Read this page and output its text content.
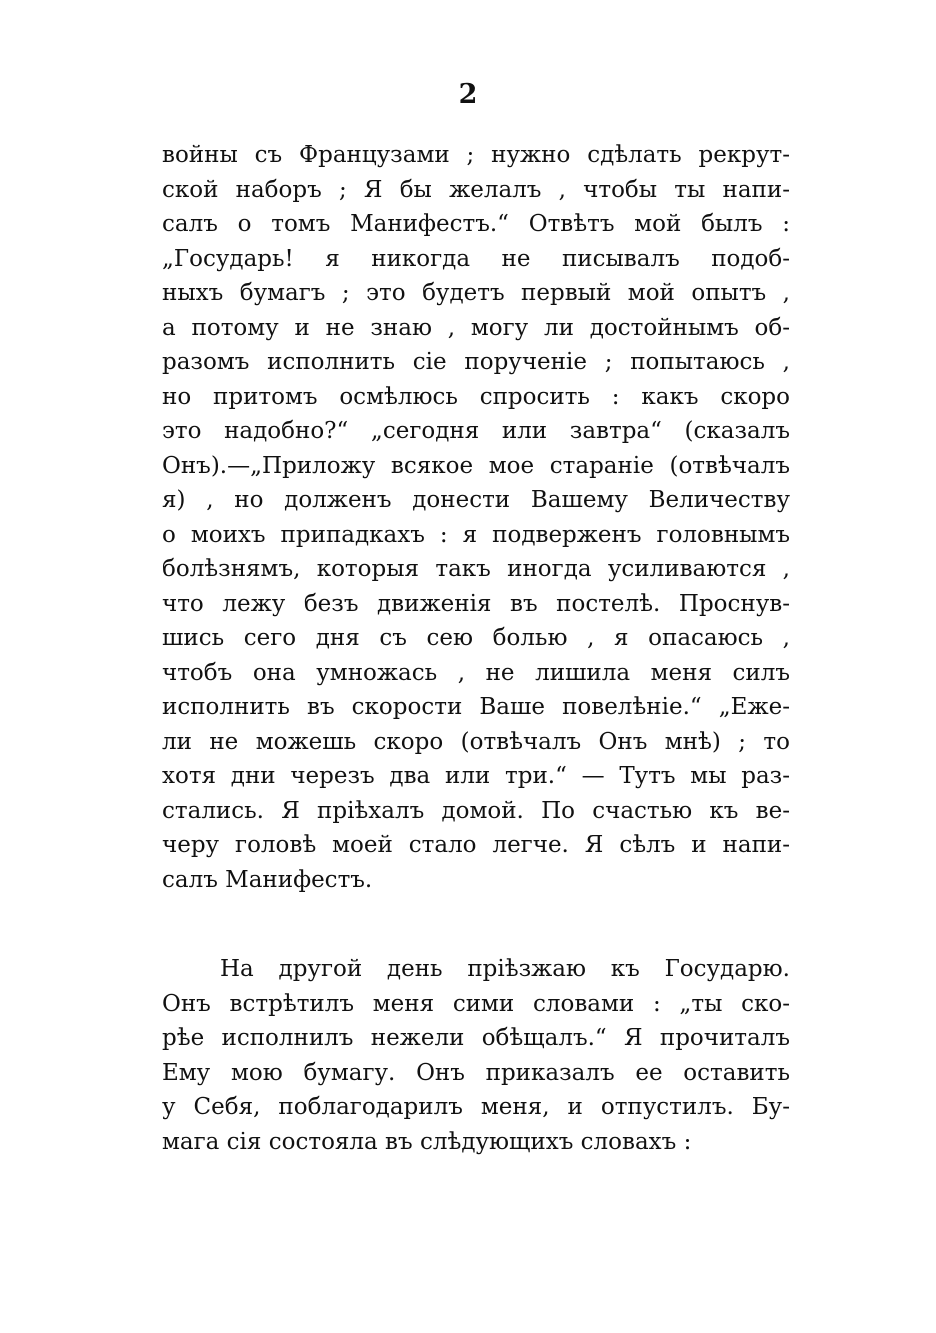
2
войны съ Французами ; нужно сдѣлать рекрут-
ской наборъ ; Я бы желалъ , чтобы ты напи-
салъ о томъ Манифестъ.“ Отвѣтъ мой былъ :
„Государь! я никогда не писывалъ подоб-
ныхъ бумагъ ; это будетъ первый мой опытъ ,
а потому и не знаю , могу ли достойнымъ об-
разомъ исполнить сіе порученіе ; попытаюсь ,
но притомъ осмѣлюсь спросить : какъ скоро
это надобно?“ „сегодня или завтра“ (сказалъ
Онъ).—„Приложу всякое мое стараніе (отвѣчалъ
я) , но долженъ донести Вашему Величеству
о моихъ припадкахъ : я подверженъ головнымъ
болѣзнямъ, которыя такъ иногда усиливаются ,
что лежу безъ движенія въ постелѣ. Проснув-
шись сего дня съ сею болью , я опасаюсь ,
чтобъ она умножась , не лишила меня силъ
исполнить въ скорости Ваше повелѣніе.“ „Еже-
ли не можешь скоро (отвѣчалъ Онъ мнѣ) ; то
хотя дни черезъ два или три.“ — Тутъ мы раз-
стались. Я пріѣхалъ домой. По счастью къ ве-
черу головѣ моей стало легче. Я сѣлъ и напи-
салъ Манифестъ.
На другой день пріѣзжаю къ Государю.
Онъ встрѣтилъ меня сими словами : „ты ско-
рѣе исполнилъ нежели обѣщалъ.“ Я прочиталъ
Ему мою бумагу. Онъ приказалъ ее оставить
у Себя, поблагодарилъ меня, и отпустилъ. Бу-
мага сія состояла въ слѣдующихъ словахъ :
